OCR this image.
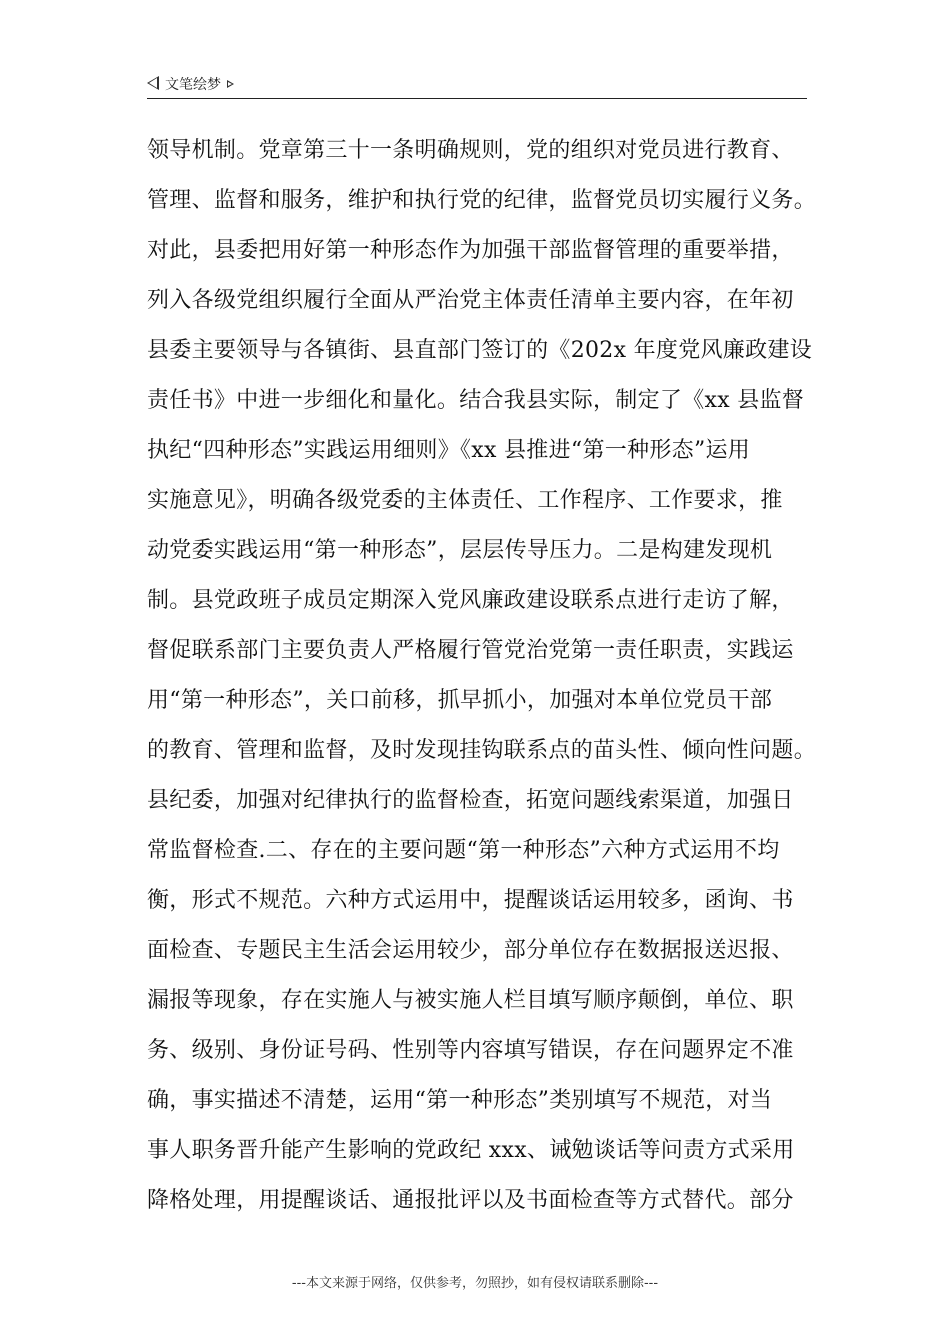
文笔绘梦
领导机制。党章第三十一条明确规则，党的组织对党员进行教育、
管理、监督和服务，维护和执行党的纪律，监督党员切实履行义务。
对此，县委把用好第一种形态作为加强干部监督管理的重要举措，
列入各级党组织履行全面从严治党主体责任清单主要内容，在年初
县委主要领导与各镇街、县直部门签订的《202x 年度党风廉政建设
责任书》中进一步细化和量化。结合我县实际，制定了《xx 县监督
执纪“四种形态”实践运用细则》《xx 县推进“第一种形态”运用
实施意见》，明确各级党委的主体责任、工作程序、工作要求，推
动党委实践运用“第一种形态”，层层传导压力。二是构建发现机
制。县党政班子成员定期深入党风廉政建设联系点进行走访了解，
督促联系部门主要负责人严格履行管党治党第一责任职责，实践运
用“第一种形态”，关口前移，抓早抓小，加强对本单位党员干部
的教育、管理和监督，及时发现挂钩联系点的苗头性、倾向性问题。
县纪委，加强对纪律执行的监督检查，拓宽问题线索渠道，加强日
常监督检查.二、存在的主要问题“第一种形态”六种方式运用不均
衡，形式不规范。六种方式运用中，提醒谈话运用较多，函询、书
面检查、专题民主生活会运用较少，部分单位存在数据报送迟报、
漏报等现象，存在实施人与被实施人栏目填写顺序颠倒，单位、职
务、级别、身份证号码、性别等内容填写错误，存在问题界定不准
确，事实描述不清楚，运用“第一种形态”类别填写不规范，对当
事人职务晋升能产生影响的党政纪 xxx、诫勉谈话等问责方式采用
降格处理，用提醒谈话、通报批评以及书面检查等方式替代。部分
---本文来源于网络，仅供参考，勿照抄，如有侵权请联系删除---
